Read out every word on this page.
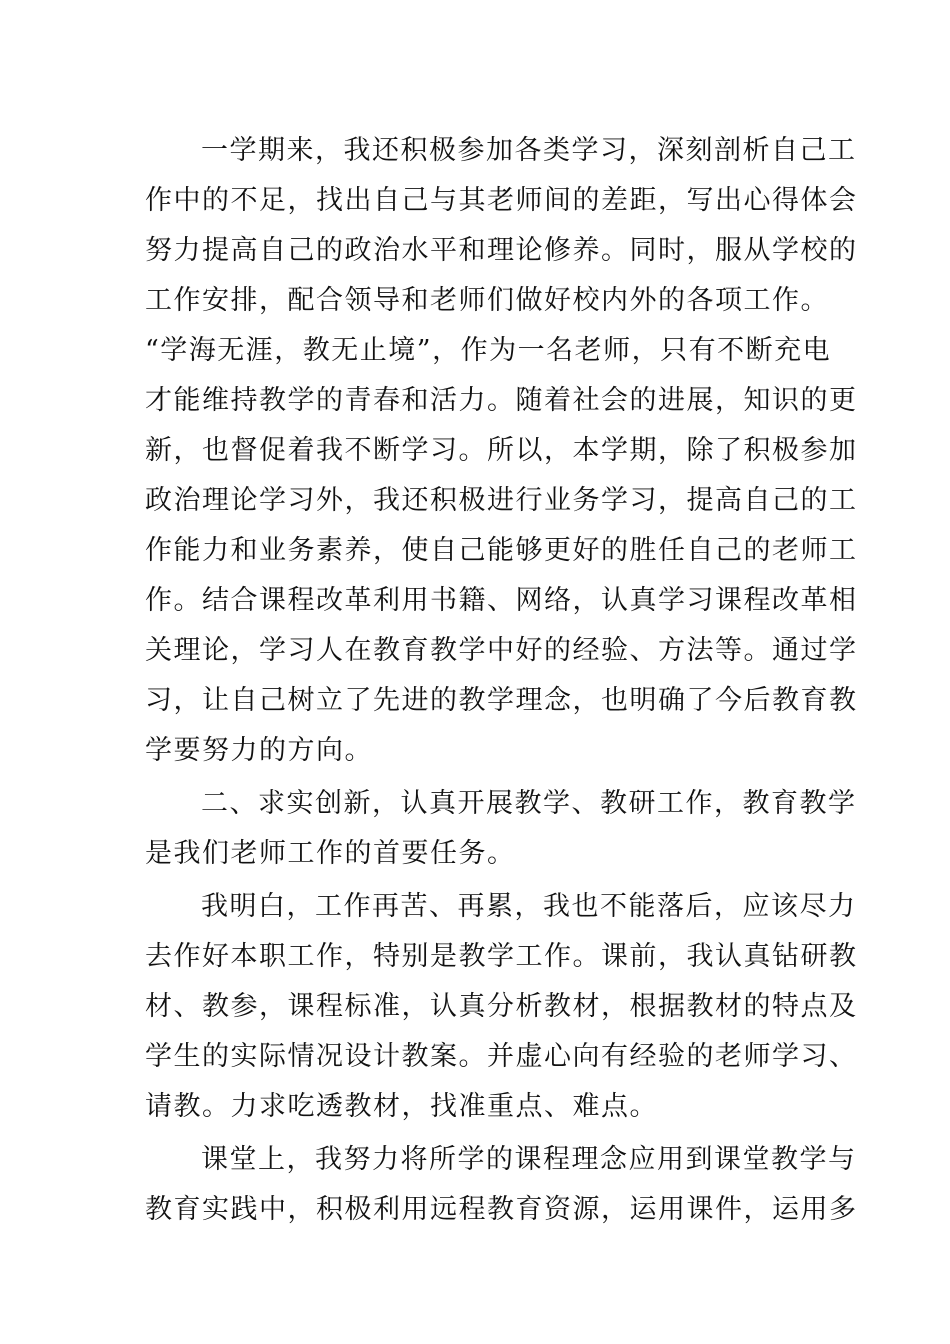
一学期来，我还积极参加各类学习，深刻剖析自己工
作中的不足，找出自己与其老师间的差距，写出心得体会
努力提高自己的政治水平和理论修养。同时，服从学校的
工作安排，配合领导和老师们做好校内外的各项工作。
“学海无涯，教无止境”，作为一名老师，只有不断充电
才能维持教学的青春和活力。随着社会的进展，知识的更
新，也督促着我不断学习。所以，本学期，除了积极参加
政治理论学习外，我还积极进行业务学习，提高自己的工
作能力和业务素养，使自己能够更好的胜任自己的老师工
作。结合课程改革利用书籍、网络，认真学习课程改革相
关理论，学习人在教育教学中好的经验、方法等。通过学
习，让自己树立了先进的教学理念，也明确了今后教育教
学要努力的方向。
二、求实创新，认真开展教学、教研工作，教育教学
是我们老师工作的首要任务。
我明白，工作再苦、再累，我也不能落后，应该尽力
去作好本职工作，特别是教学工作。课前，我认真钻研教
材、教参，课程标准，认真分析教材，根据教材的特点及
学生的实际情况设计教案。并虚心向有经验的老师学习、
请教。力求吃透教材，找准重点、难点。
课堂上，我努力将所学的课程理念应用到课堂教学与
教育实践中，积极利用远程教育资源，运用课件，运用多
